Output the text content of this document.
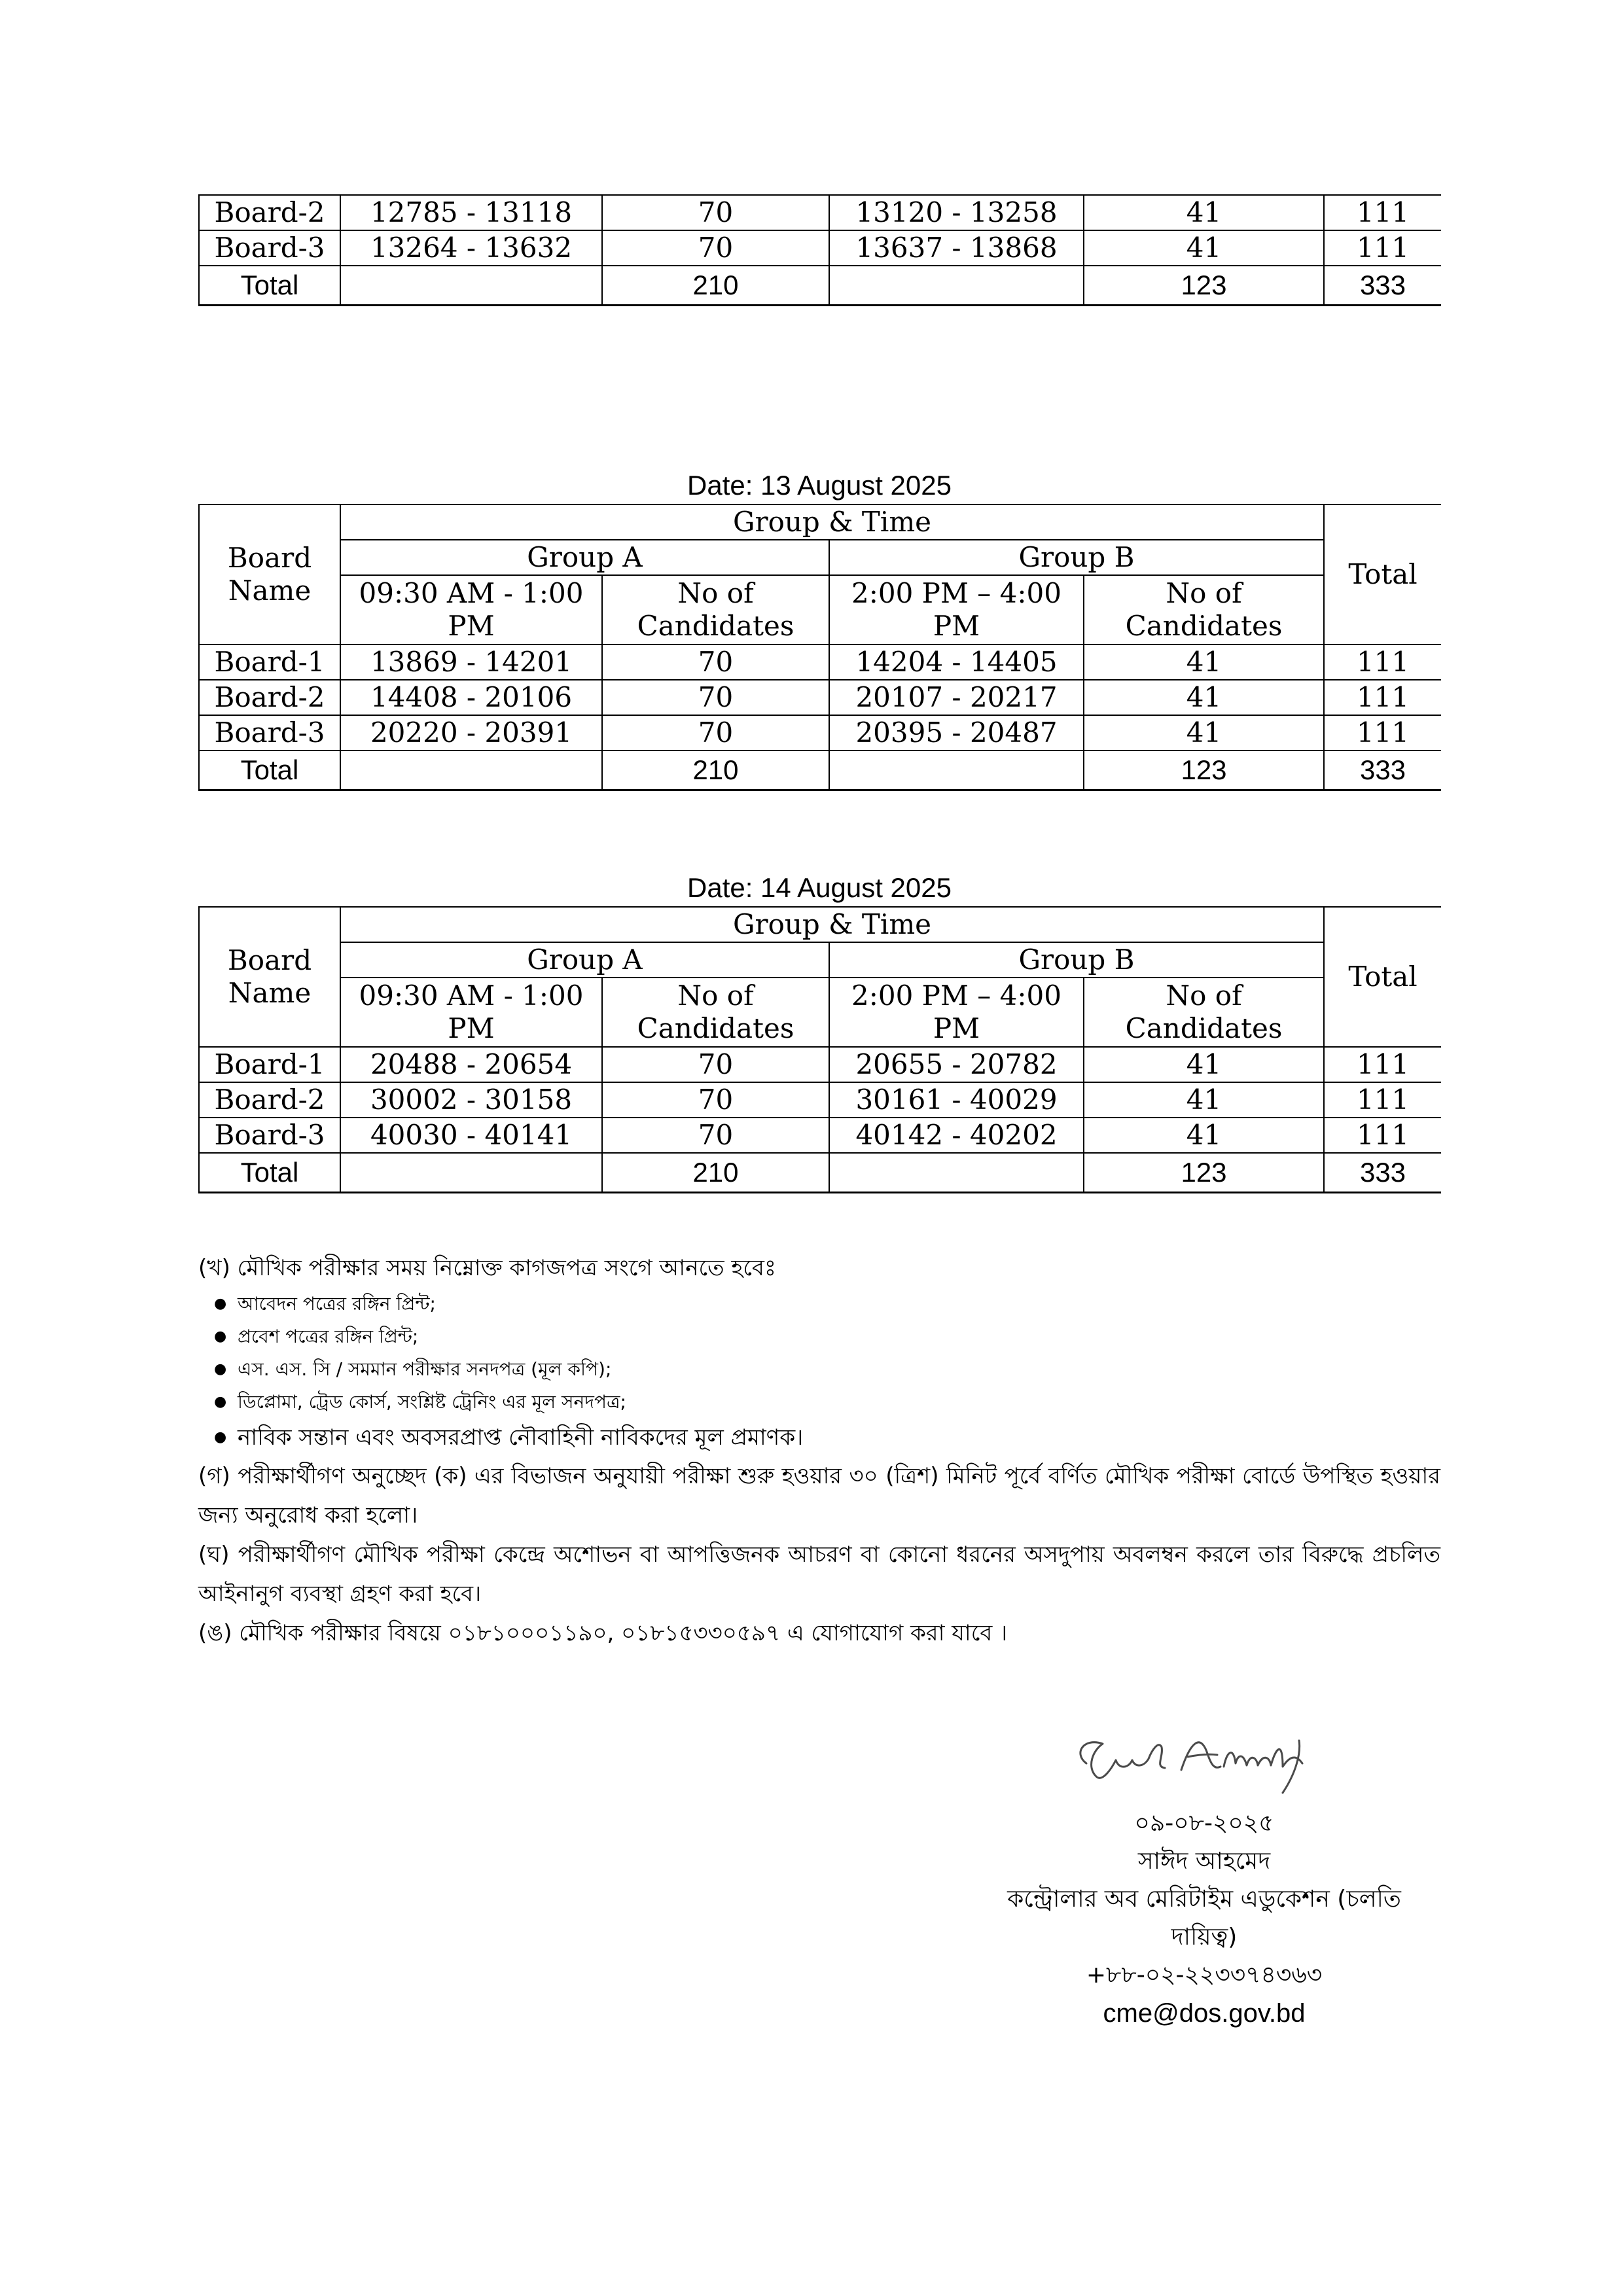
Board-2	12785 - 13118	70	13120 - 13258	41	111
Board-3	13264 - 13632	70	13637 - 13868	41	111
Total		210		123	333
Date: 13 August 2025
Board Name	Group & Time				Total
	Group A		Group B		
	09:30 AM - 1:00 PM	No of Candidates	2:00 PM – 4:00 PM	No of Candidates	
Board-1	13869 - 14201	70	14204 - 14405	41	111
Board-2	14408 - 20106	70	20107 - 20217	41	111
Board-3	20220 - 20391	70	20395 - 20487	41	111
Total		210		123	333
Date: 14 August 2025
Board Name	Group & Time				Total
	Group A		Group B		
	09:30 AM - 1:00 PM	No of Candidates	2:00 PM – 4:00 PM	No of Candidates	
Board-1	20488 - 20654	70	20655 - 20782	41	111
Board-2	30002 - 30158	70	30161 - 40029	41	111
Board-3	40030 - 40141	70	40142 - 40202	41	111
Total		210		123	333

(খ) মৌখিক পরীক্ষার সময় নিম্নোক্ত কাগজপত্র সংগে আনতে হবেঃ

● আবেদন পত্রের রঙ্গিন প্রিন্ট;
● প্রবেশ পত্রের রঙ্গিন প্রিন্ট;
● এস. এস. সি / সমমান পরীক্ষার সনদপত্র (মূল কপি);
● ডিপ্লোমা, ট্রেড কোর্স, সংশ্লিষ্ট ট্রেনিং এর মূল সনদপত্র;
● নাবিক সন্তান এবং অবসরপ্রাপ্ত নৌবাহিনী নাবিকদের মূল প্রমাণক।

(গ) পরীক্ষার্থীগণ অনুচ্ছেদ (ক) এর বিভাজন অনুযায়ী পরীক্ষা শুরু হওয়ার ৩০ (ত্রিশ) মিনিট পূর্বে বর্ণিত মৌখিক পরীক্ষা বোর্ডে উপস্থিত হওয়ার জন্য অনুরোধ করা হলো।

(ঘ) পরীক্ষার্থীগণ মৌখিক পরীক্ষা কেন্দ্রে অশোভন বা আপত্তিজনক আচরণ বা কোনো ধরনের অসদুপায় অবলম্বন করলে তার বিরুদ্ধে প্রচলিত আইনানুগ ব্যবস্থা গ্রহণ করা হবে।

(ঙ) মৌখিক পরীক্ষার বিষয়ে ০১৮১০০০১১৯০, ০১৮১৫৩৩০৫৯৭ এ যোগাযোগ করা যাবে ।

০৯-০৮-২০২৫
সাঈদ আহমেদ
কন্ট্রোলার অব মেরিটাইম এডুকেশন (চলতি দায়িত্ব)
+৮৮-০২-২২৩৩৭৪৩৬৩
cme@dos.gov.bd
